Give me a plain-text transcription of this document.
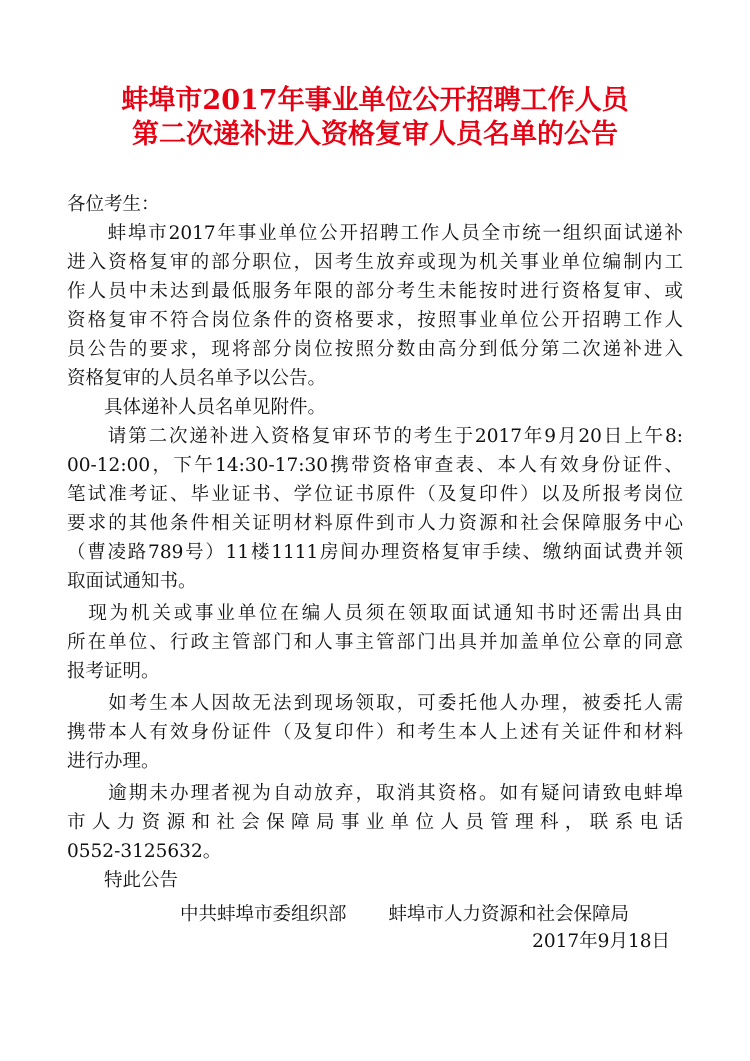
蚌埠市2017年事业单位公开招聘工作人员
第二次递补进入资格复审人员名单的公告
各位考生：
　　蚌埠市2017年事业单位公开招聘工作人员全市统一组织面试递补
进入资格复审的部分职位，因考生放弃或现为机关事业单位编制内工
作人员中未达到最低服务年限的部分考生未能按时进行资格复审、或
资格复审不符合岗位条件的资格要求，按照事业单位公开招聘工作人
员公告的要求，现将部分岗位按照分数由高分到低分第二次递补进入
资格复审的人员名单予以公告。
　　具体递补人员名单见附件。
　　请第二次递补进入资格复审环节的考生于2017年9月20日上午8:
00-12:00，下午14:30-17:30携带资格审查表、本人有效身份证件、
笔试准考证、毕业证书、学位证书原件（及复印件）以及所报考岗位
要求的其他条件相关证明材料原件到市人力资源和社会保障服务中心
（曹凌路789号）11楼1111房间办理资格复审手续、缴纳面试费并领
取面试通知书。
　现为机关或事业单位在编人员须在领取面试通知书时还需出具由
所在单位、行政主管部门和人事主管部门出具并加盖单位公章的同意
报考证明。
　　如考生本人因故无法到现场领取，可委托他人办理，被委托人需
携带本人有效身份证件（及复印件）和考生本人上述有关证件和材料
进行办理。
　　逾期未办理者视为自动放弃，取消其资格。如有疑问请致电蚌埠
市人力资源和社会保障局事业单位人员管理科，联系电话
0552-3125632。
　　特此公告
中共蚌埠市委组织部 蚌埠市人力资源和社会保障局
2017年9月18日
